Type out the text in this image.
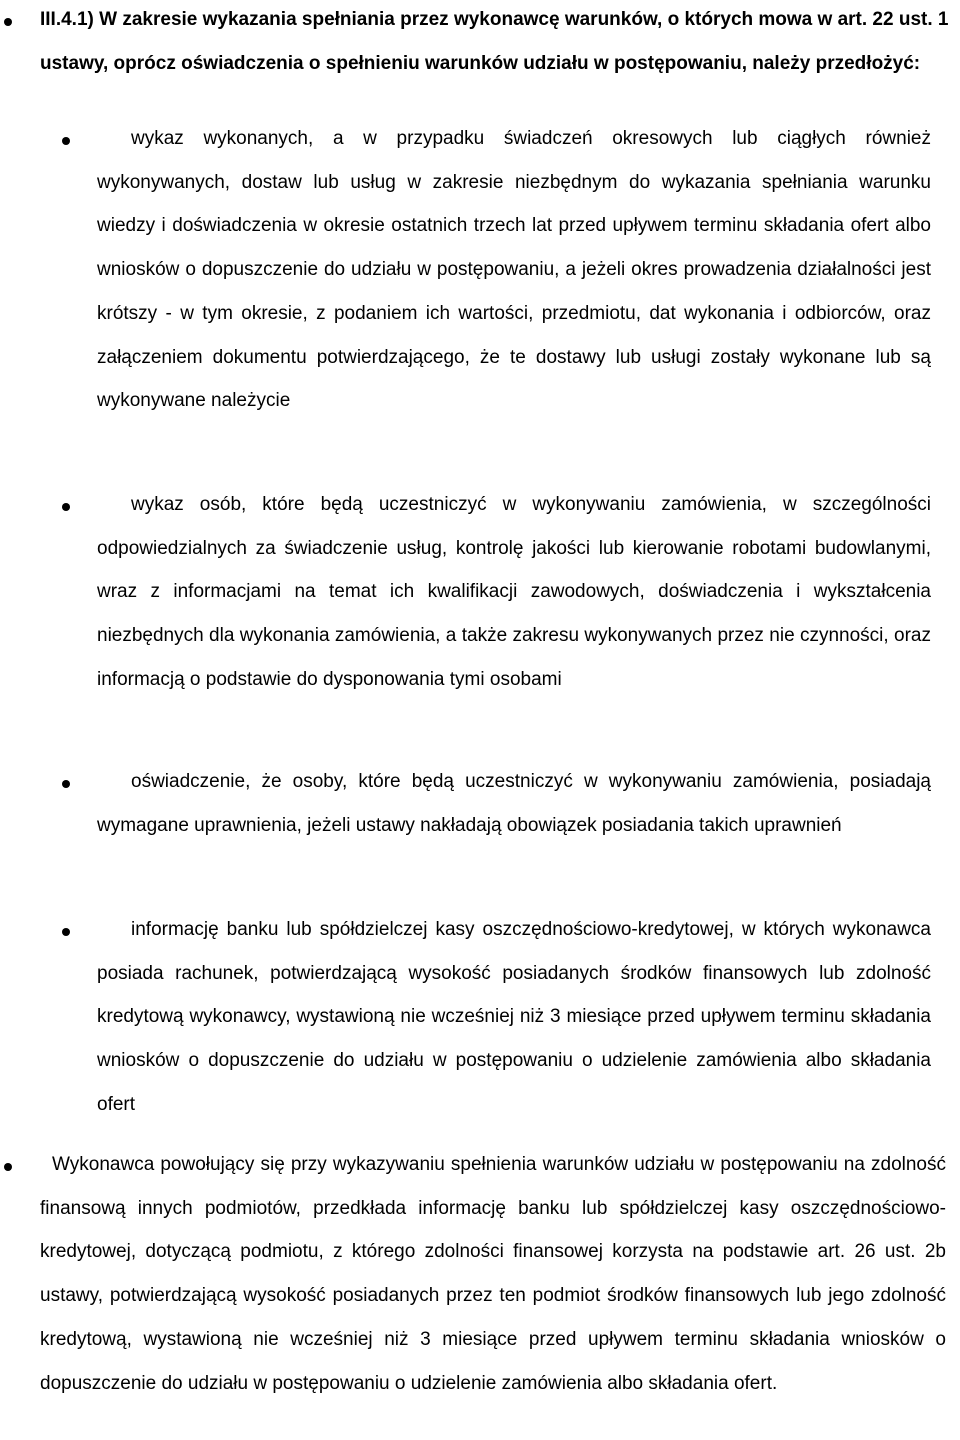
III.4.1) W zakresie wykazania spełniania przez wykonawcę warunków, o których mowa w art. 22 ust. 1 ustawy, oprócz oświadczenia o spełnieniu warunków udziału w postępowaniu, należy przedłożyć:

wykaz wykonanych, a w przypadku świadczeń okresowych lub ciągłych również wykonywanych, dostaw lub usług w zakresie niezbędnym do wykazania spełniania warunku wiedzy i doświadczenia w okresie ostatnich trzech lat przed upływem terminu składania ofert albo wniosków o dopuszczenie do udziału w postępowaniu, a jeżeli okres prowadzenia działalności jest krótszy - w tym okresie, z podaniem ich wartości, przedmiotu, dat wykonania i odbiorców, oraz załączeniem dokumentu potwierdzającego, że te dostawy lub usługi zostały wykonane lub są wykonywane należycie

wykaz osób, które będą uczestniczyć w wykonywaniu zamówienia, w szczególności odpowiedzialnych za świadczenie usług, kontrolę jakości lub kierowanie robotami budowlanymi, wraz z informacjami na temat ich kwalifikacji zawodowych, doświadczenia i wykształcenia niezbędnych dla wykonania zamówienia, a także zakresu wykonywanych przez nie czynności, oraz informacją o podstawie do dysponowania tymi osobami

oświadczenie, że osoby, które będą uczestniczyć w wykonywaniu zamówienia, posiadają wymagane uprawnienia, jeżeli ustawy nakładają obowiązek posiadania takich uprawnień

informację banku lub spółdzielczej kasy oszczędnościowo-kredytowej, w których wykonawca posiada rachunek, potwierdzającą wysokość posiadanych środków finansowych lub zdolność kredytową wykonawcy, wystawioną nie wcześniej niż 3 miesiące przed upływem terminu składania wniosków o dopuszczenie do udziału w postępowaniu o udzielenie zamówienia albo składania ofert

Wykonawca powołujący się przy wykazywaniu spełnienia warunków udziału w postępowaniu na zdolność finansową innych podmiotów, przedkłada informację banku lub spółdzielczej kasy oszczędnościowo-kredytowej, dotyczącą podmiotu, z którego zdolności finansowej korzysta na podstawie art. 26 ust. 2b ustawy, potwierdzającą wysokość posiadanych przez ten podmiot środków finansowych lub jego zdolność kredytową, wystawioną nie wcześniej niż 3 miesiące przed upływem terminu składania wniosków o dopuszczenie do udziału w postępowaniu o udzielenie zamówienia albo składania ofert.
